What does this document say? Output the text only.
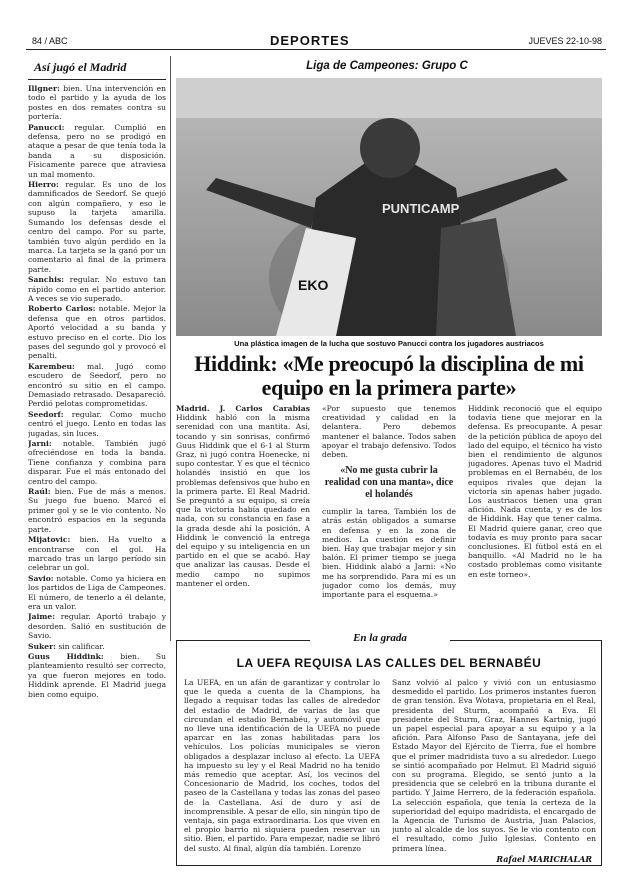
84 / ABC	DEPORTES	JUEVES 22-10-98
Así jugó el Madrid

Illgner: bien. Una intervención en todo el partido y la ayuda de los postes en dos remates contra su portería.

Panucci: regular. Cumplió en defensa, pero no se prodigó en ataque a pesar de que tenía toda la banda a su disposición. Físicamente parece que atraviesa un mal momento.

Hierro: regular. Es uno de los damnificados de Seedorf. Se quejó con algún compañero, y eso le supuso la tarjeta amarilla. Sumando los defensas desde el centro del campo. Por su parte, también tuvo algún perdido en la marca. La tarjeta se la ganó por un comentario al final de la primera parte.

Sanchis: regular. No estuvo tan rápido como en el partido anterior. A veces se vio superado.

Roberto Carlos: notable. Mejor la defensa que en otros partidos. Aportó velocidad a su banda y estuvo preciso en el corte. Dio los pases del segundo gol y provocó el penalti.

Karembeu: mal. Jugó como escudero de Seedorf, pero no encontró su sitio en el campo. Demasiado retrasado. Desapareció. Perdió pelotas comprometidas.

Seedorf: regular. Como mucho centró el juego. Lento en todas las jugadas, sin luces.

Jarni: notable. También jugó ofreciéndose en toda la banda. Tiene confianza y combina para disparar. Fue el más entonado del centro del campo.

Raúl: bien. Fue de más a menos. Su juego fue bueno. Marcó el primer gol y se le vio contento. No encontró espacios en la segunda parte.

Mijatovic: bien. Ha vuelto a encontrarse con el gol. Ha marcado tras un largo período sin celebrar un gol.

Savio: notable. Como ya hiciera en los partidos de Liga de Campeones. El número, de tenerlo a él delante, era un valor.

Jaime: regular. Aportó trabajo y desorden. Salió en sustitución de Savio.

Suker: sin calificar.

Guus Hiddink: bien. Su planteamiento resultó ser correcto, ya que fueron mejores en todo. Hiddink aprende. El Madrid juega bien como equipo.

Liga de Campeones: Grupo C
PUNTICAMP
EKO
Una plástica imagen de la lucha que sostuvo Panucci contra los jugadores austriacos
Hiddink: «Me preocupó la disciplina de mi equipo en la primera parte»
Madrid. J. Carlos Carabias Hiddink habló con la misma serenidad con una mantita. Así, tocando y sin sonrisas, confirmó Guus Hiddink que el 6-1 al Sturm Graz, ni jugó contra Hoenecke, ni supo contestar. Y es que el técnico holandés insistió en que los problemas defensivos que hubo en la primera parte. El Real Madrid. Se preguntó a su equipo, si creía que la victoria había quedado en nada, con su constancia en fase a la grada desde ahí la posición. A Hiddink le convenció la entrega del equipo y su inteligencia en un partido en el que se acabó. Hay que analizar las causas. Desde el medio campo no supimos mantener el orden.
«Por supuesto que tenemos creatividad y calidad en la delantera. Pero debemos mantener el balance. Todos saben apoyar el trabajo defensivo. Todos deben.
«No me gusta cubrir la realidad con una manta», dice el holandés
cumplir la tarea. También los de atrás están obligados a sumarse en defensa y en la zona de medios. La cuestión es definir bien. Hay que trabajar mejor y sin balón. El primer tiempo se juega bien. Hiddink alabó a Jarni: «No me ha sorprendido. Para mí es un jugador como los demás, muy importante para el esquema.»
Hiddink reconoció que el equipo todavía tiene que mejorar en la defensa. Es preocupante. A pesar de la petición pública de apoyo del lado del equipo, el técnico ha visto bien el rendimiento de algunos jugadores. Apenas tuvo el Madrid problemas en el Bernabéu, de los equipos rivales que dejan la victoria sin apenas haber jugado. Los austriacos tienen una gran afición. Nada cuenta, y es de los de Hiddink. Hay que tener calma. El Madrid quiere ganar, creo que todavía es muy pronto para sacar conclusiones. El fútbol está en el banquillo. «Al Madrid no le ha costado problemas como visitante en este torneo».
En la grada
LA UEFA REQUISA LAS CALLES DEL BERNABÉU
La UEFA, en un afán de garantizar y controlar lo que le queda a cuenta de la Champions, ha llegado a requisar todas las calles de alrededor del estadio de Madrid, de varias de las que circundan el estadio Bernabéu, y automóvil que no lleve una identificación de la UEFA no puede aparcar en las zonas habilitadas para los vehículos. Los policías municipales se vieron obligados a desplazar incluso al efecto. La UEFA ha impuesto su ley y el Real Madrid no ha tenido más remedio que aceptar. Así, los vecinos del Concesionario de Madrid, los coches, todos del paseo de la Castellana y todas las zonas del paseo de la Castellana. Así de duro y así de incomprensible. A pesar de ello, sin ningún tipo de ventaja, sin paga extraordinaria. Los que viven en el propio barrio ni siquiera pueden reservar un sitio. Bien, el partido. Para empezar, nadie se libró del susto. Al final, algún día también. Lorenzo
Sanz volvió al palco y vivió con un entusiasmo desmedido el partido. Los primeros instantes fueron de gran tensión. Eva Wotava, propietaria en el Real, presidenta del Sturm, acompañó a Eva. El presidente del Sturm, Graz, Hannes Kartnig, jugó un papel especial para apoyar a su equipo y a la afición. Para Alfonso Paso de Santayana, jefe del Estado Mayor del Ejército de Tierra, fue el hombre que el primer madridista tuvo a su alrededor. Luego se sintió acompañado por Helmut. El Madrid siguió con su programa. Elegido, se sentó junto a la presidencia que se celebró en la tribuna durante el partido. Y Jaime Herrero, de la federación española. La selección española, que tenía la certeza de la superioridad del equipo madridista, el encargado de la Agencia de Turismo de Austria, Juan Palacios, junto al alcalde de los suyos. Se le vio contento con el resultado, como Julio Iglesias. Contento en primera línea.
Rafael MARICHALAR
